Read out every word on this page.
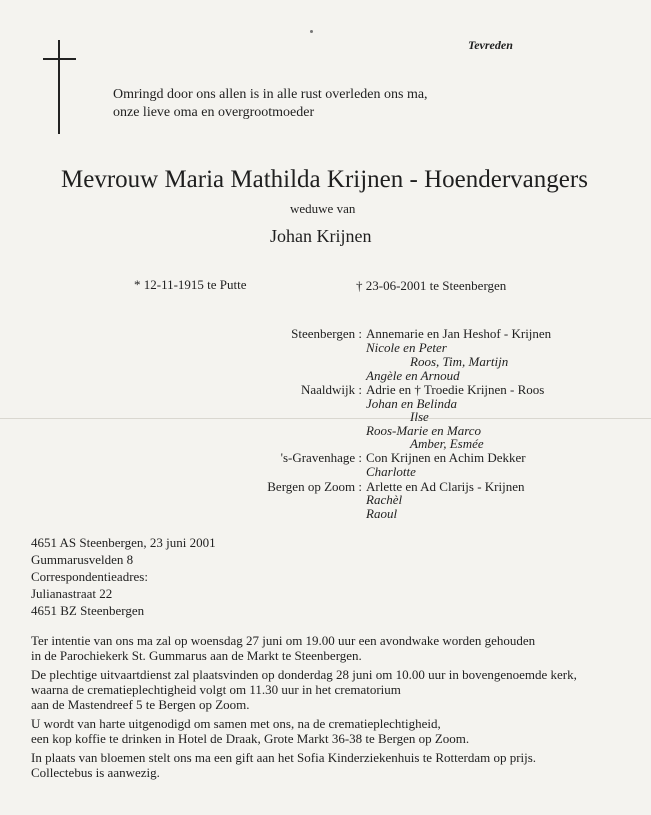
Tevreden
Omringd door ons allen is in alle rust overleden ons ma,
onze lieve oma en overgrootmoeder
Mevrouw Maria Mathilda Krijnen - Hoendervangers
weduwe van
Johan Krijnen
* 12-11-1915 te Putte	† 23-06-2001 te Steenbergen
Steenbergen :
Naaldwijk :
's-Gravenhage :
Bergen op Zoom :
Annemarie en Jan Heshof - Krijnen
Nicole en Peter
Roos, Tim, Martijn
Angèle en Arnoud
Adrie en † Troedie Krijnen - Roos
Johan en Belinda
Ilse
Roos-Marie en Marco
Amber, Esmée
Con Krijnen en Achim Dekker
Charlotte
Arlette en Ad Clarijs - Krijnen
Rachèl
Raoul
4651 AS Steenbergen, 23 juni 2001
Gummarusvelden 8
Correspondentieadres:
Julianastraat 22
4651 BZ Steenbergen
Ter intentie van ons ma zal op woensdag 27 juni om 19.00 uur een avondwake worden gehouden
in de Parochiekerk St. Gummarus aan de Markt te Steenbergen.
De plechtige uitvaartdienst zal plaatsvinden op donderdag 28 juni om 10.00 uur in bovengenoemde kerk,
waarna de crematieplechtigheid volgt om 11.30 uur in het crematorium
aan de Mastendreef 5 te Bergen op Zoom.
U wordt van harte uitgenodigd om samen met ons, na de crematieplechtigheid,
een kop koffie te drinken in Hotel de Draak, Grote Markt 36-38 te Bergen op Zoom.
In plaats van bloemen stelt ons ma een gift aan het Sofia Kinderziekenhuis te Rotterdam op prijs.
Collectebus is aanwezig.
